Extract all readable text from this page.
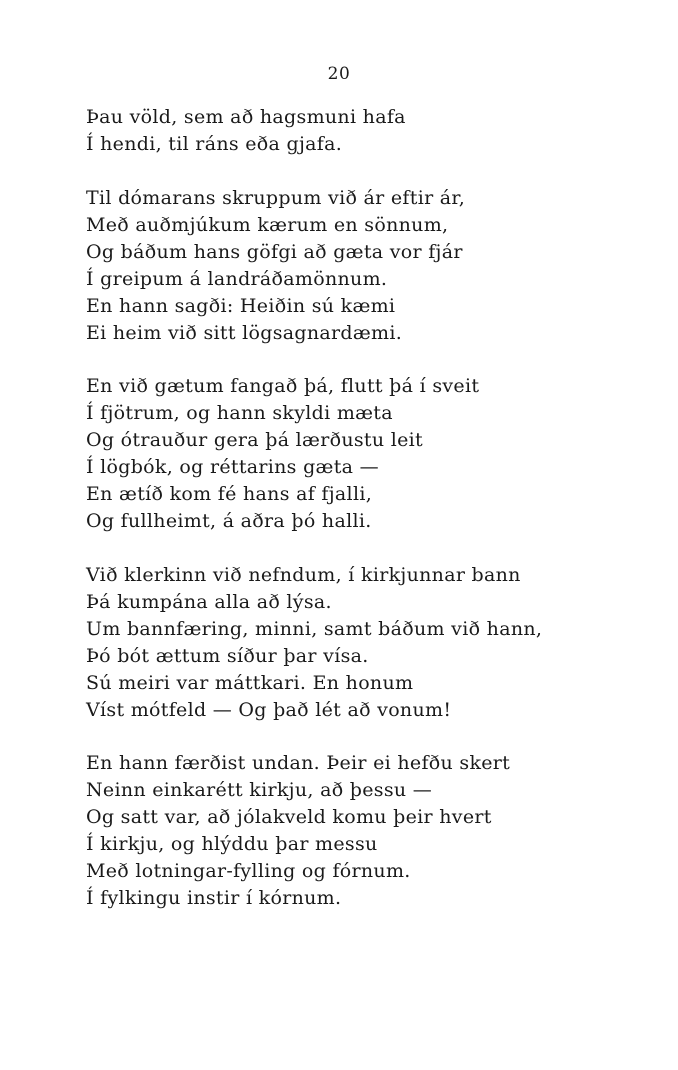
20
Þau völd, sem að hagsmuni hafa
Í hendi, til ráns eða gjafa.
Til dómarans skruppum við ár eftir ár,
Með auðmjúkum kærum en sönnum,
Og báðum hans göfgi að gæta vor fjár
Í greipum á landráðamönnum.
En hann sagði: Heiðin sú kæmi
Ei heim við sitt lögsagnardæmi.
En við gætum fangað þá, flutt þá í sveit
Í fjötrum, og hann skyldi mæta
Og ótrauður gera þá lærðustu leit
Í lögbók, og réttarins gæta —
En ætíð kom fé hans af fjalli,
Og fullheimt, á aðra þó halli.
Við klerkinn við nefndum, í kirkjunnar bann
Þá kumpána alla að lýsa.
Um bannfæring, minni, samt báðum við hann,
Þó bót ættum síður þar vísa.
Sú meiri var máttkari. En honum
Víst mótfeld — Og það lét að vonum!
En hann færðist undan. Þeir ei hefðu skert
Neinn einkarétt kirkju, að þessu —
Og satt var, að jólakveld komu þeir hvert
Í kirkju, og hlýddu þar messu
Með lotningar-fylling og fórnum.
Í fylkingu instir í kórnum.
